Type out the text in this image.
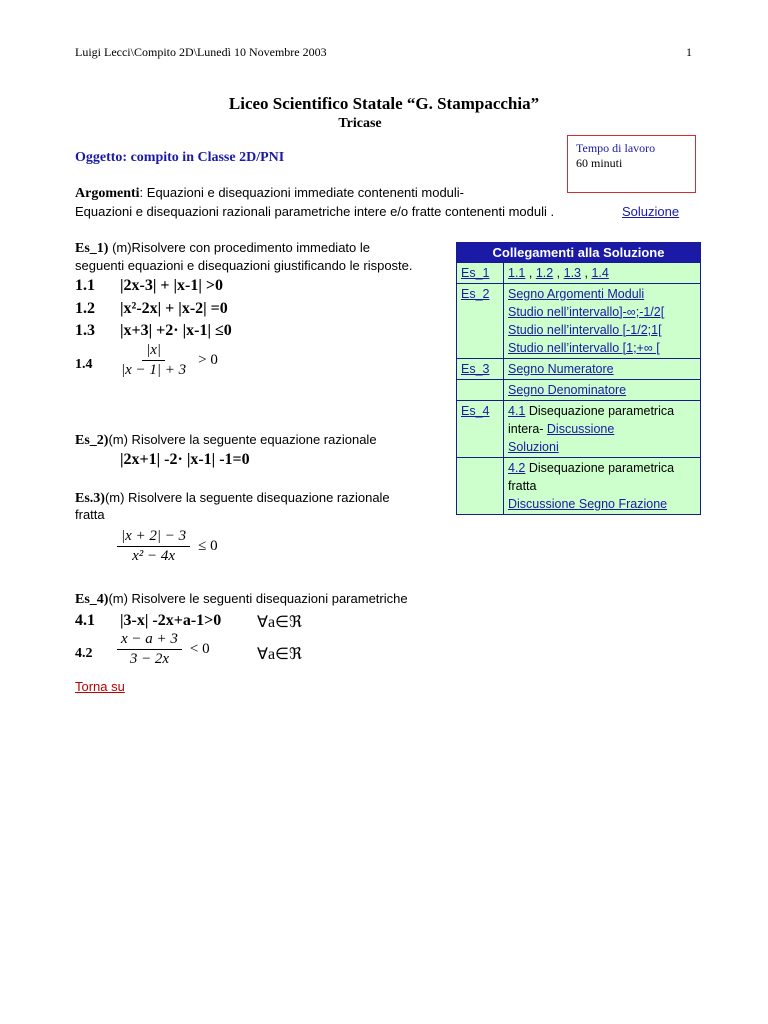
Luigi Lecci\Compito 2D\Lunedì 10 Novembre 2003	1
Liceo Scientifico Statale “G. Stampacchia”
Tricase
Tempo di lavoro
60 minuti
Oggetto: compito in Classe 2D/PNI
Argomenti: Equazioni e disequazioni immediate contenenti moduli-
Equazioni e disequazioni razionali parametriche intere e/o fratte contenenti moduli .	Soluzione
Es_1) (m)Risolvere con procedimento immediato le
seguenti equazioni e disequazioni giustificando le risposte.
1.1 |2x-3| + |x-1| >0
1.2 |x²-2x| + |x-2| =0
1.3 |x+3| +2· |x-1| ≤0
$1.4 \frac{|x|}{|x - 1| + 3} > 0$
Es_2)(m) Risolvere la seguente equazione razionale
|2x+1| -2· |x-1| -1=0
Es.3)(m) Risolvere la seguente disequazione razionale
fratta
$\frac{|x + 2| - 3}{\text{x² − 4x}} \le 0$
Es_4)(m) Risolvere le seguenti disequazioni parametriche
4.1 |3-x| -2x+a-1>0 ∀a∈ℜ
$4.2 \frac{x - a + 3}{3 - 2x} < 0$	∀a∈ℜ
Torna su
Collegamenti alla Soluzione	
Es_1	1.1 , 1.2 , 1.3 , 1.4
Es_2	Segno Argomenti Moduli
Studio nell’intervallo]-∞;-1/2[
Studio nell’intervallo [-1/2;1[
Studio nell’intervallo [1;+∞ [

Es_3	Segno Numeratore
	Segno Denominatore
Es_4	4.1 Disequazione parametrica intera- Discussione
Soluzioni

	4.2 Disequazione parametrica fratta
Discussione Segno Frazione
